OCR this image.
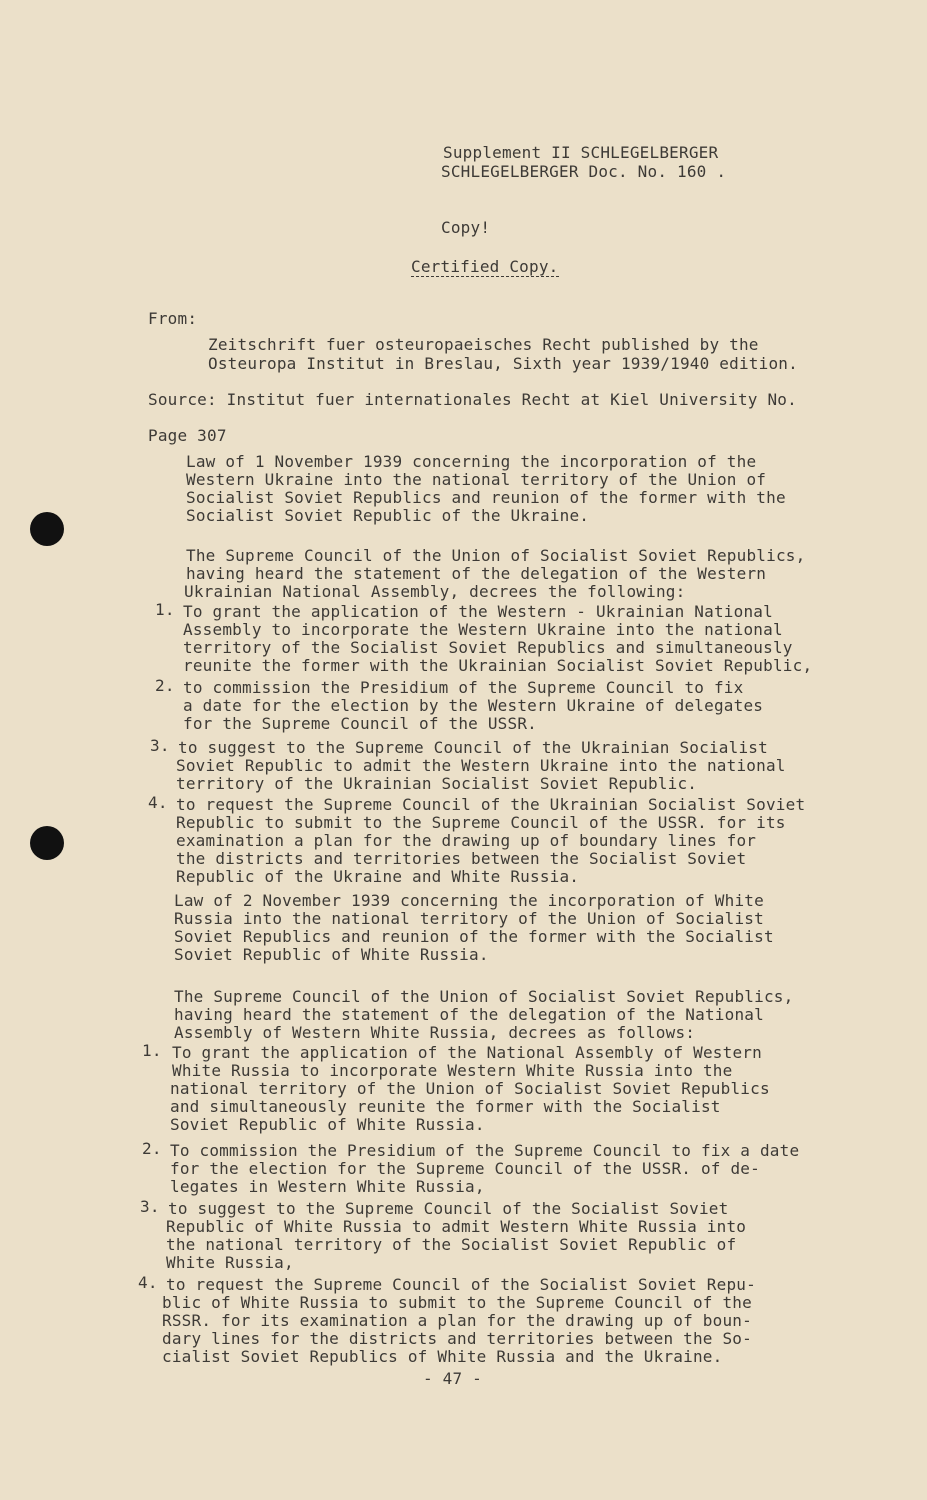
Supplement II SCHLEGELBERGER

SCHLEGELBERGER Doc. No. 160 .

Copy!

Certified Copy.

From:

Zeitschrift fuer osteuropaeisches Recht published by the

Osteuropa Institut in Breslau, Sixth year 1939/1940 edition.

Source: Institut fuer internationales Recht at Kiel University No.

Page 307

Law of 1 November 1939 concerning the incorporation of the

Western Ukraine into the national territory of the Union of

Socialist Soviet Republics and reunion of the former with the

Socialist Soviet Republic of the Ukraine.

The Supreme Council of the Union of Socialist Soviet Republics,

having heard the statement of the delegation of the Western

Ukrainian National Assembly, decrees the following:

1. To grant the application of the Western - Ukrainian National

Assembly to incorporate the Western Ukraine into the national

territory of the Socialist Soviet Republics and simultaneously

reunite the former with the Ukrainian Socialist Soviet Republic,

2. to commission the Presidium of the Supreme Council to fix

a date for the election by the Western Ukraine of delegates

for the Supreme Council of the USSR.

3. to suggest to the Supreme Council of the Ukrainian Socialist

Soviet Republic to admit the Western Ukraine into the national

territory of the Ukrainian Socialist Soviet Republic.

4. to request the Supreme Council of the Ukrainian Socialist Soviet

Republic to submit to the Supreme Council of the USSR. for its

examination a plan for the drawing up of boundary lines for

the districts and territories between the Socialist Soviet

Republic of the Ukraine and White Russia.

Law of 2 November 1939 concerning the incorporation of White

Russia into the national territory of the Union of Socialist

Soviet Republics and reunion of the former with the Socialist

Soviet Republic of White Russia.

The Supreme Council of the Union of Socialist Soviet Republics,

having heard the statement of the delegation of the National

Assembly of Western White Russia, decrees as follows:

1. To grant the application of the National Assembly of Western

White Russia to incorporate Western White Russia into the

national territory of the Union of Socialist Soviet Republics

and simultaneously reunite the former with the Socialist

Soviet Republic of White Russia.

2. To commission the Presidium of the Supreme Council to fix a date

for the election for the Supreme Council of the USSR. of de-

legates in Western White Russia,

3. to suggest to the Supreme Council of the Socialist Soviet

Republic of White Russia to admit Western White Russia into

the national territory of the Socialist Soviet Republic of

White Russia,

4. to request the Supreme Council of the Socialist Soviet Repu-

blic of White Russia to submit to the Supreme Council of the

RSSR. for its examination a plan for the drawing up of boun-

dary lines for the districts and territories between the So-

cialist Soviet Republics of White Russia and the Ukraine.

- 47 -
